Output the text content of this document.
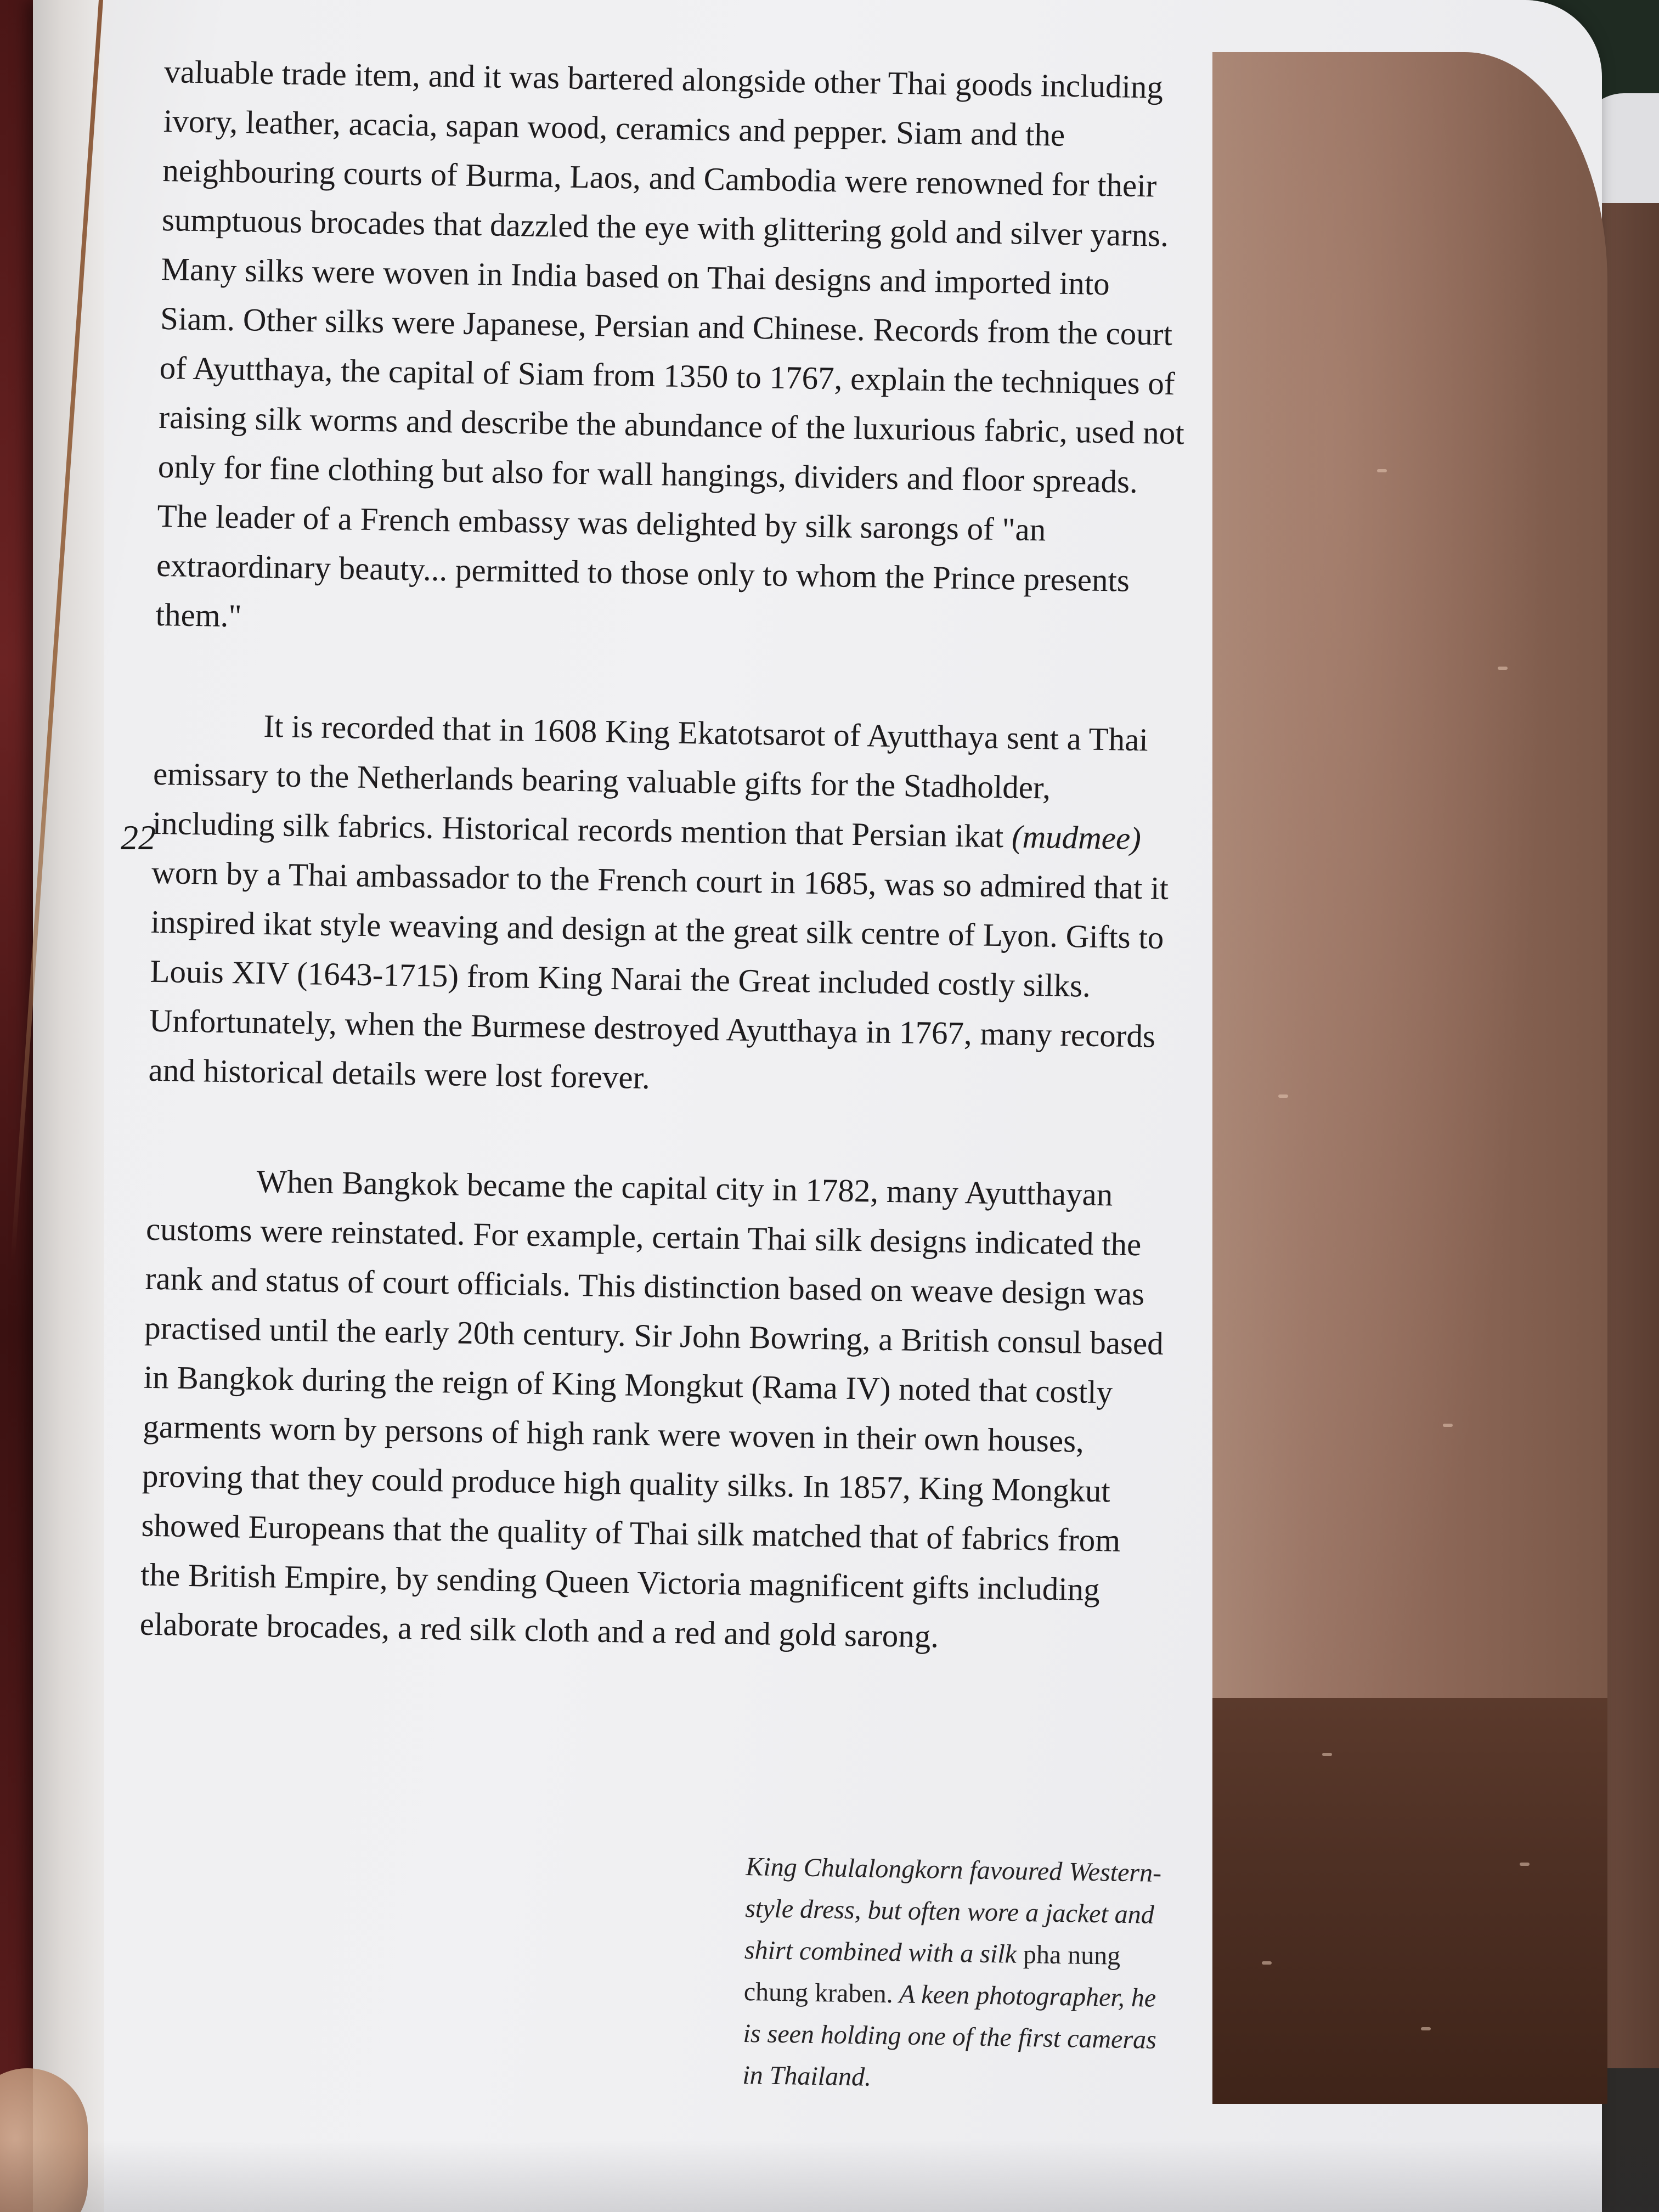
valuable trade item, and it was bartered alongside other Thai goods including ivory, leather, acacia, sapan wood, ceramics and pepper. Siam and the neighbouring courts of Burma, Laos, and Cambodia were renowned for their sumptuous brocades that dazzled the eye with glittering gold and silver yarns. Many silks were woven in India based on Thai designs and imported into Siam. Other silks were Japanese, Persian and Chinese. Records from the court of Ayutthaya, the capital of Siam from 1350 to 1767, explain the techniques of raising silk worms and describe the abundance of the luxurious fabric, used not only for fine clothing but also for wall hangings, dividers and floor spreads. The leader of a French embassy was delighted by silk sarongs of "an extraordinary beauty... permitted to those only to whom the Prince presents them."

It is recorded that in 1608 King Ekatotsarot of Ayutthaya sent a Thai emissary to the Netherlands bearing valuable gifts for the Stadholder, including silk fabrics. Historical records mention that Persian ikat (mudmee) worn by a Thai ambassador to the French court in 1685, was so admired that it inspired ikat style weaving and design at the great silk centre of Lyon. Gifts to Louis XIV (1643-1715) from King Narai the Great included costly silks. Unfortunately, when the Burmese destroyed Ayutthaya in 1767, many records and historical details were lost forever.

When Bangkok became the capital city in 1782, many Ayutthayan customs were reinstated. For example, certain Thai silk designs indicated the rank and status of court officials. This distinction based on weave design was practised until the early 20th century. Sir John Bowring, a British consul based in Bangkok during the reign of King Mongkut (Rama IV) noted that costly garments worn by persons of high rank were woven in their own houses, proving that they could produce high quality silks. In 1857, King Mongkut showed Europeans that the quality of Thai silk matched that of fabrics from the British Empire, by sending Queen Victoria magnificent gifts including elaborate brocades, a red silk cloth and a red and gold sarong.

22
King Chulalongkorn favoured Western-style dress, but often wore a jacket and shirt combined with a silk pha nung chung kraben. A keen photographer, he is seen holding one of the first cameras in Thailand.
